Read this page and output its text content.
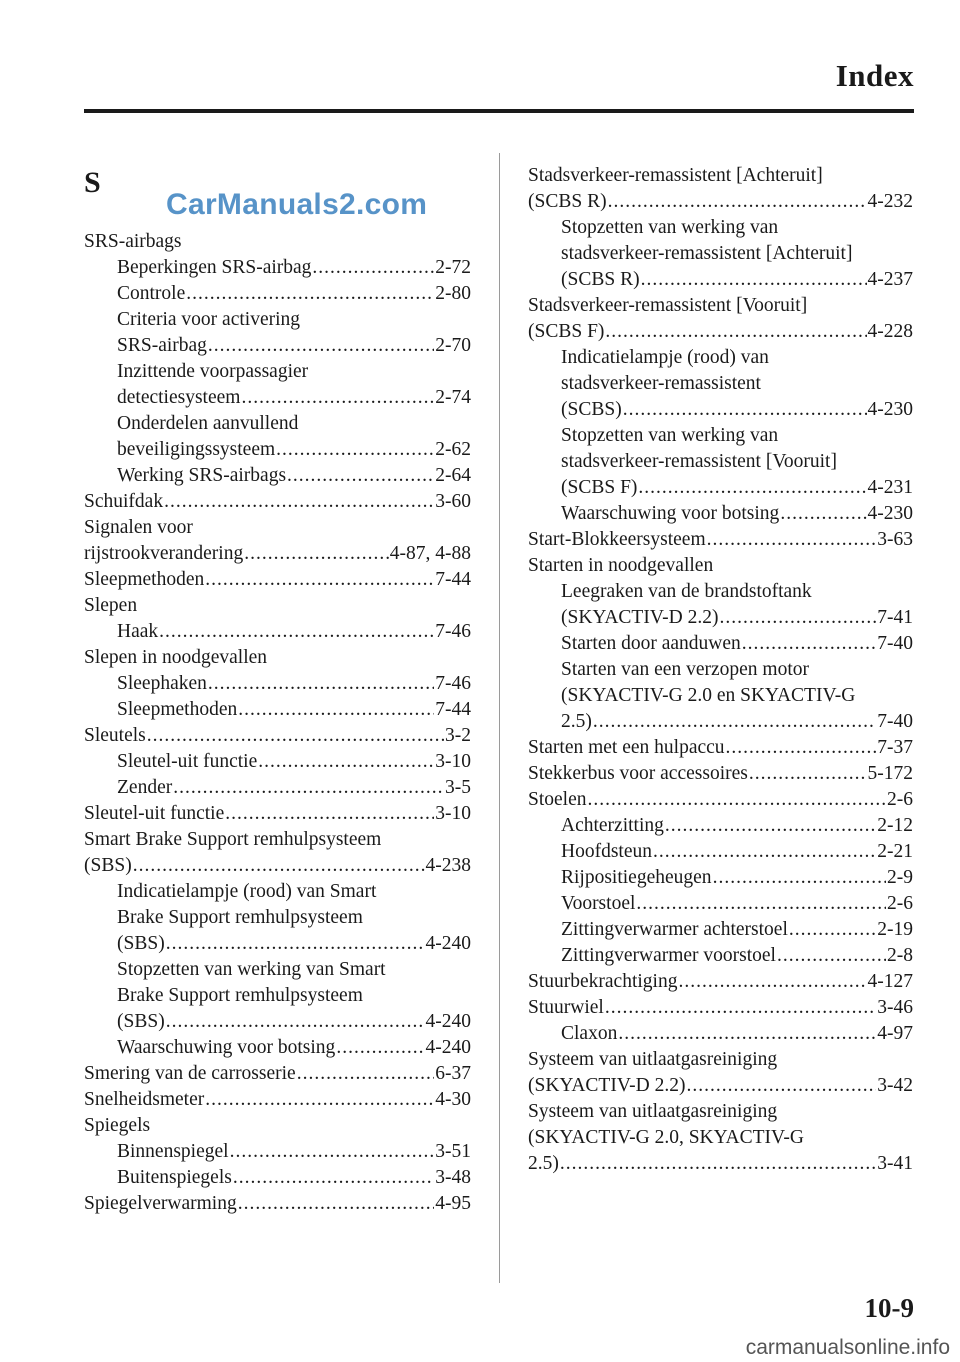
Index
CarManuals2.com
S
SRS-airbags
Beperkingen SRS-airbag .....	2-72
Controle .....	2-80
Criteria voor activering
SRS-airbag .....	2-70
Inzittende voorpassagier
detectiesysteem .....	2-74
Onderdelen aanvullend
beveiligingssysteem .....	2-62
Werking SRS-airbags .....	2-64
Schuifdak .....	3-60
Signalen voor
rijstrookverandering .....	4-87, 4-88
Sleepmethoden .....	7-44
Slepen
Haak .....	7-46
Slepen in noodgevallen
Sleephaken .....	7-46
Sleepmethoden .....	7-44
Sleutels .....	3-2
Sleutel-uit functie .....	3-10
Zender .....	3-5
Sleutel-uit functie .....	3-10
Smart Brake Support remhulpsysteem
(SBS) .....	4-238
Indicatielampje (rood) van Smart
Brake Support remhulpsysteem
(SBS) .....	4-240
Stopzetten van werking van Smart
Brake Support remhulpsysteem
(SBS) .....	4-240
Waarschuwing voor botsing .....	4-240
Smering van de carrosserie .....	6-37
Snelheidsmeter .....	4-30
Spiegels
Binnenspiegel .....	3-51
Buitenspiegels .....	3-48
Spiegelverwarming .....	4-95
Stadsverkeer-remassistent [Achteruit]
(SCBS R) .....	4-232
Stopzetten van werking van
stadsverkeer-remassistent [Achteruit]
(SCBS R) .....	4-237
Stadsverkeer-remassistent [Vooruit]
(SCBS F) .....	4-228
Indicatielampje (rood) van
stadsverkeer-remassistent
(SCBS) .....	4-230
Stopzetten van werking van
stadsverkeer-remassistent [Vooruit]
(SCBS F) .....	4-231
Waarschuwing voor botsing .....	4-230
Start-Blokkeersysteem .....	3-63
Starten in noodgevallen
Leegraken van de brandstoftank
(SKYACTIV-D 2.2) .....	7-41
Starten door aanduwen .....	7-40
Starten van een verzopen motor
(SKYACTIV-G 2.0 en SKYACTIV-G
2.5) .....	7-40
Starten met een hulpaccu .....	7-37
Stekkerbus voor accessoires .....	5-172
Stoelen .....	2-6
Achterzitting .....	2-12
Hoofdsteun .....	2-21
Rijpositiegeheugen .....	2-9
Voorstoel .....	2-6
Zittingverwarmer achterstoel .....	2-19
Zittingverwarmer voorstoel .....	2-8
Stuurbekrachtiging .....	4-127
Stuurwiel .....	3-46
Claxon .....	4-97
Systeem van uitlaatgasreiniging
(SKYACTIV-D 2.2) .....	3-42
Systeem van uitlaatgasreiniging
(SKYACTIV-G 2.0, SKYACTIV-G
2.5) .....	3-41
10-9
carmanualsonline.info
